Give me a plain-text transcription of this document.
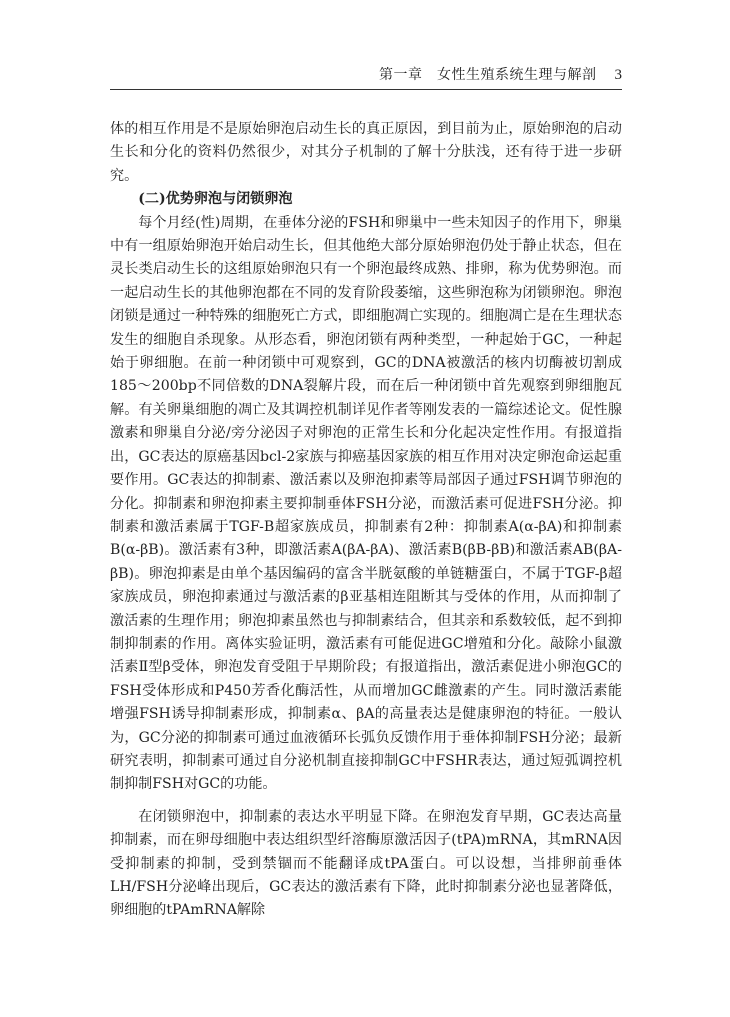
第一章　女性生殖系统生理与解剖 3

体的相互作用是不是原始卵泡启动生长的真正原因，到目前为止，原始卵泡的启动生长和分化的资料仍然很少，对其分子机制的了解十分肤浅，还有待于进一步研究。

(二)优势卵泡与闭锁卵泡

每个月经(性)周期，在垂体分泌的FSH和卵巢中一些未知因子的作用下，卵巢中有一组原始卵泡开始启动生长，但其他绝大部分原始卵泡仍处于静止状态，但在灵长类启动生长的这组原始卵泡只有一个卵泡最终成熟、排卵，称为优势卵泡。而一起启动生长的其他卵泡都在不同的发育阶段萎缩，这些卵泡称为闭锁卵泡。卵泡闭锁是通过一种特殊的细胞死亡方式，即细胞凋亡实现的。细胞凋亡是在生理状态发生的细胞自杀现象。从形态看，卵泡闭锁有两种类型，一种起始于GC，一种起始于卵细胞。在前一种闭锁中可观察到，GC的DNA被激活的核内切酶被切割成185～200bp不同倍数的DNA裂解片段，而在后一种闭锁中首先观察到卵细胞瓦解。有关卵巢细胞的凋亡及其调控机制详见作者等刚发表的一篇综述论文。促性腺激素和卵巢自分泌/旁分泌因子对卵泡的正常生长和分化起决定性作用。有报道指出，GC表达的原癌基因bcl-2家族与抑癌基因家族的相互作用对决定卵泡命运起重要作用。GC表达的抑制素、激活素以及卵泡抑素等局部因子通过FSH调节卵泡的分化。抑制素和卵泡抑素主要抑制垂体FSH分泌，而激活素可促进FSH分泌。抑制素和激活素属于TGF-B超家族成员，抑制素有2种：抑制素A(α-βA)和抑制素B(α-βB)。激活素有3种，即激活素A(βA-βA)、激活素B(βB-βB)和激活素AB(βA-βB)。卵泡抑素是由单个基因编码的富含半胱氨酸的单链糖蛋白，不属于TGF-β超家族成员，卵泡抑素通过与激活素的β亚基相连阻断其与受体的作用，从而抑制了激活素的生理作用；卵泡抑素虽然也与抑制素结合，但其亲和系数较低，起不到抑制抑制素的作用。离体实验证明，激活素有可能促进GC增殖和分化。敲除小鼠激活素Ⅱ型β受体，卵泡发育受阻于早期阶段；有报道指出，激活素促进小卵泡GC的FSH受体形成和P450芳香化酶活性，从而增加GC雌激素的产生。同时激活素能增强FSH诱导抑制素形成，抑制素α、βA的高量表达是健康卵泡的特征。一般认为，GC分泌的抑制素可通过血液循环长弧负反馈作用于垂体抑制FSH分泌；最新研究表明，抑制素可通过自分泌机制直接抑制GC中FSHR表达，通过短弧调控机制抑制FSH对GC的功能。

在闭锁卵泡中，抑制素的表达水平明显下降。在卵泡发育早期，GC表达高量抑制素，而在卵母细胞中表达组织型纤溶酶原激活因子(tPA)mRNA，其mRNA因受抑制素的抑制，受到禁锢而不能翻译成tPA蛋白。可以设想，当排卵前垂体LH/FSH分泌峰出现后，GC表达的激活素有下降，此时抑制素分泌也显著降低，卵细胞的tPAmRNA解除
